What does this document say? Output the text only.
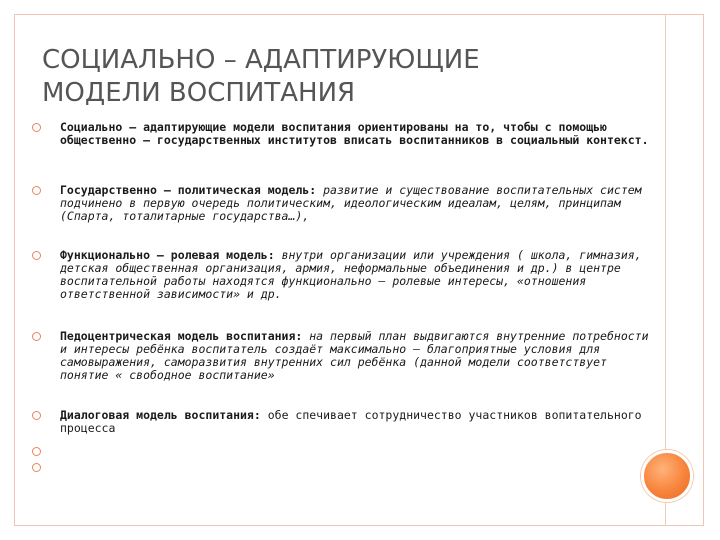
СОЦИАЛЬНО – АДАПТИРУЮЩИЕ
МОДЕЛИ ВОСПИТАНИЯ
Социально – адаптирующие модели воспитания ориентированы на то, чтобы с помощью общественно – государственных институтов вписать воспитанников в социальный контекст.
Государственно – политическая модель: развитие и существование воспитательных систем подчинено в первую очередь политическим, идеологическим идеалам, целям, принципам (Спарта, тоталитарные государства…),
Функционально – ролевая модель: внутри организации или учреждения ( школа, гимназия, детская общественная организация, армия, неформальные объединения и др.) в центре воспитательной работы находятся функционально – ролевые интересы, «отношения ответственной зависимости» и др.
Педоцентрическая модель воспитания: на первый план выдвигаются внутренние потребности и интересы ребёнка воспитатель создаёт максимально – благоприятные условия для самовыражения, саморазвития внутренних сил ребёнка (данной модели соответствует понятие « свободное воспитание»
Диалоговая модель воспитания: обе спечивает сотрудничество участников вопитательного процесса
